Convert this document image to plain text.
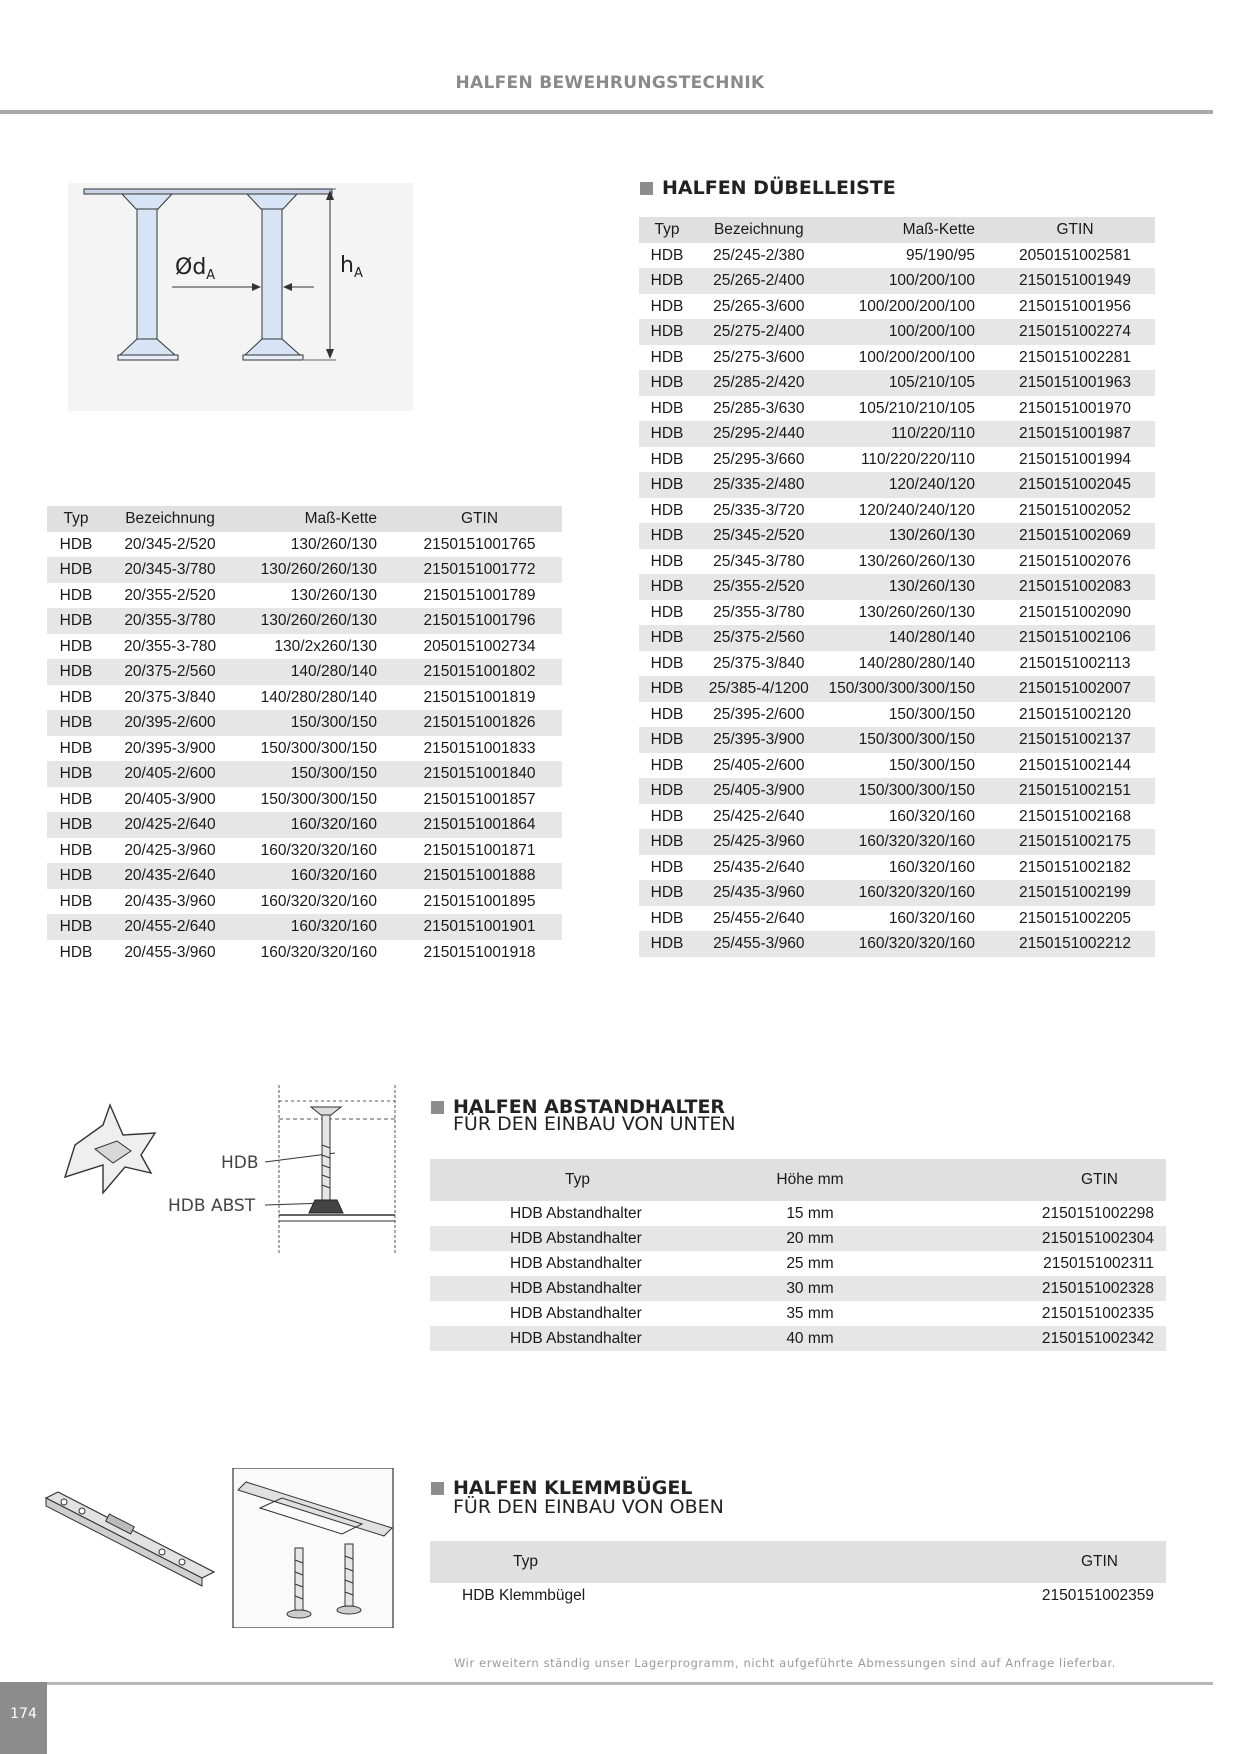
HALFEN BEWEHRUNGSTECHNIK
$Ød_A$	$h_A$
Typ	Bezeichnung	Maß-Kette	GTIN
HDB	20/345-2/520	130/260/130	2150151001765
HDB	20/345-3/780	130/260/260/130	2150151001772
HDB	20/355-2/520	130/260/130	2150151001789
HDB	20/355-3/780	130/260/260/130	2150151001796
HDB	20/355-3-780	130/2x260/130	2050151002734
HDB	20/375-2/560	140/280/140	2150151001802
HDB	20/375-3/840	140/280/280/140	2150151001819
HDB	20/395-2/600	150/300/150	2150151001826
HDB	20/395-3/900	150/300/300/150	2150151001833
HDB	20/405-2/600	150/300/150	2150151001840
HDB	20/405-3/900	150/300/300/150	2150151001857
HDB	20/425-2/640	160/320/160	2150151001864
HDB	20/425-3/960	160/320/320/160	2150151001871
HDB	20/435-2/640	160/320/160	2150151001888
HDB	20/435-3/960	160/320/320/160	2150151001895
HDB	20/455-2/640	160/320/160	2150151001901
HDB	20/455-3/960	160/320/320/160	2150151001918
HALFEN DÜBELLEISTE
Typ	Bezeichnung	Maß-Kette	GTIN
HDB	25/245-2/380	95/190/95	2050151002581
HDB	25/265-2/400	100/200/100	2150151001949
HDB	25/265-3/600	100/200/200/100	2150151001956
HDB	25/275-2/400	100/200/100	2150151002274
HDB	25/275-3/600	100/200/200/100	2150151002281
HDB	25/285-2/420	105/210/105	2150151001963
HDB	25/285-3/630	105/210/210/105	2150151001970
HDB	25/295-2/440	110/220/110	2150151001987
HDB	25/295-3/660	110/220/220/110	2150151001994
HDB	25/335-2/480	120/240/120	2150151002045
HDB	25/335-3/720	120/240/240/120	2150151002052
HDB	25/345-2/520	130/260/130	2150151002069
HDB	25/345-3/780	130/260/260/130	2150151002076
HDB	25/355-2/520	130/260/130	2150151002083
HDB	25/355-3/780	130/260/260/130	2150151002090
HDB	25/375-2/560	140/280/140	2150151002106
HDB	25/375-3/840	140/280/280/140	2150151002113
HDB	25/385-4/1200	150/300/300/300/150	2150151002007
HDB	25/395-2/600	150/300/150	2150151002120
HDB	25/395-3/900	150/300/300/150	2150151002137
HDB	25/405-2/600	150/300/150	2150151002144
HDB	25/405-3/900	150/300/300/150	2150151002151
HDB	25/425-2/640	160/320/160	2150151002168
HDB	25/425-3/960	160/320/320/160	2150151002175
HDB	25/435-2/640	160/320/160	2150151002182
HDB	25/435-3/960	160/320/320/160	2150151002199
HDB	25/455-2/640	160/320/160	2150151002205
HDB	25/455-3/960	160/320/320/160	2150151002212
HDB
HDB ABST
HALFEN ABSTANDHALTER
FÜR DEN EINBAU VON UNTEN
Typ	Höhe mm	GTIN
HDB Abstandhalter	15 mm	2150151002298
HDB Abstandhalter	20 mm	2150151002304
HDB Abstandhalter	25 mm	2150151002311
HDB Abstandhalter	30 mm	2150151002328
HDB Abstandhalter	35 mm	2150151002335
HDB Abstandhalter	40 mm	2150151002342
HALFEN KLEMMBÜGEL
FÜR DEN EINBAU VON OBEN
Typ	GTIN
HDB Klemmbügel	2150151002359
Wir erweitern ständig unser Lagerprogramm, nicht aufgeführte Abmessungen sind auf Anfrage lieferbar.
174
